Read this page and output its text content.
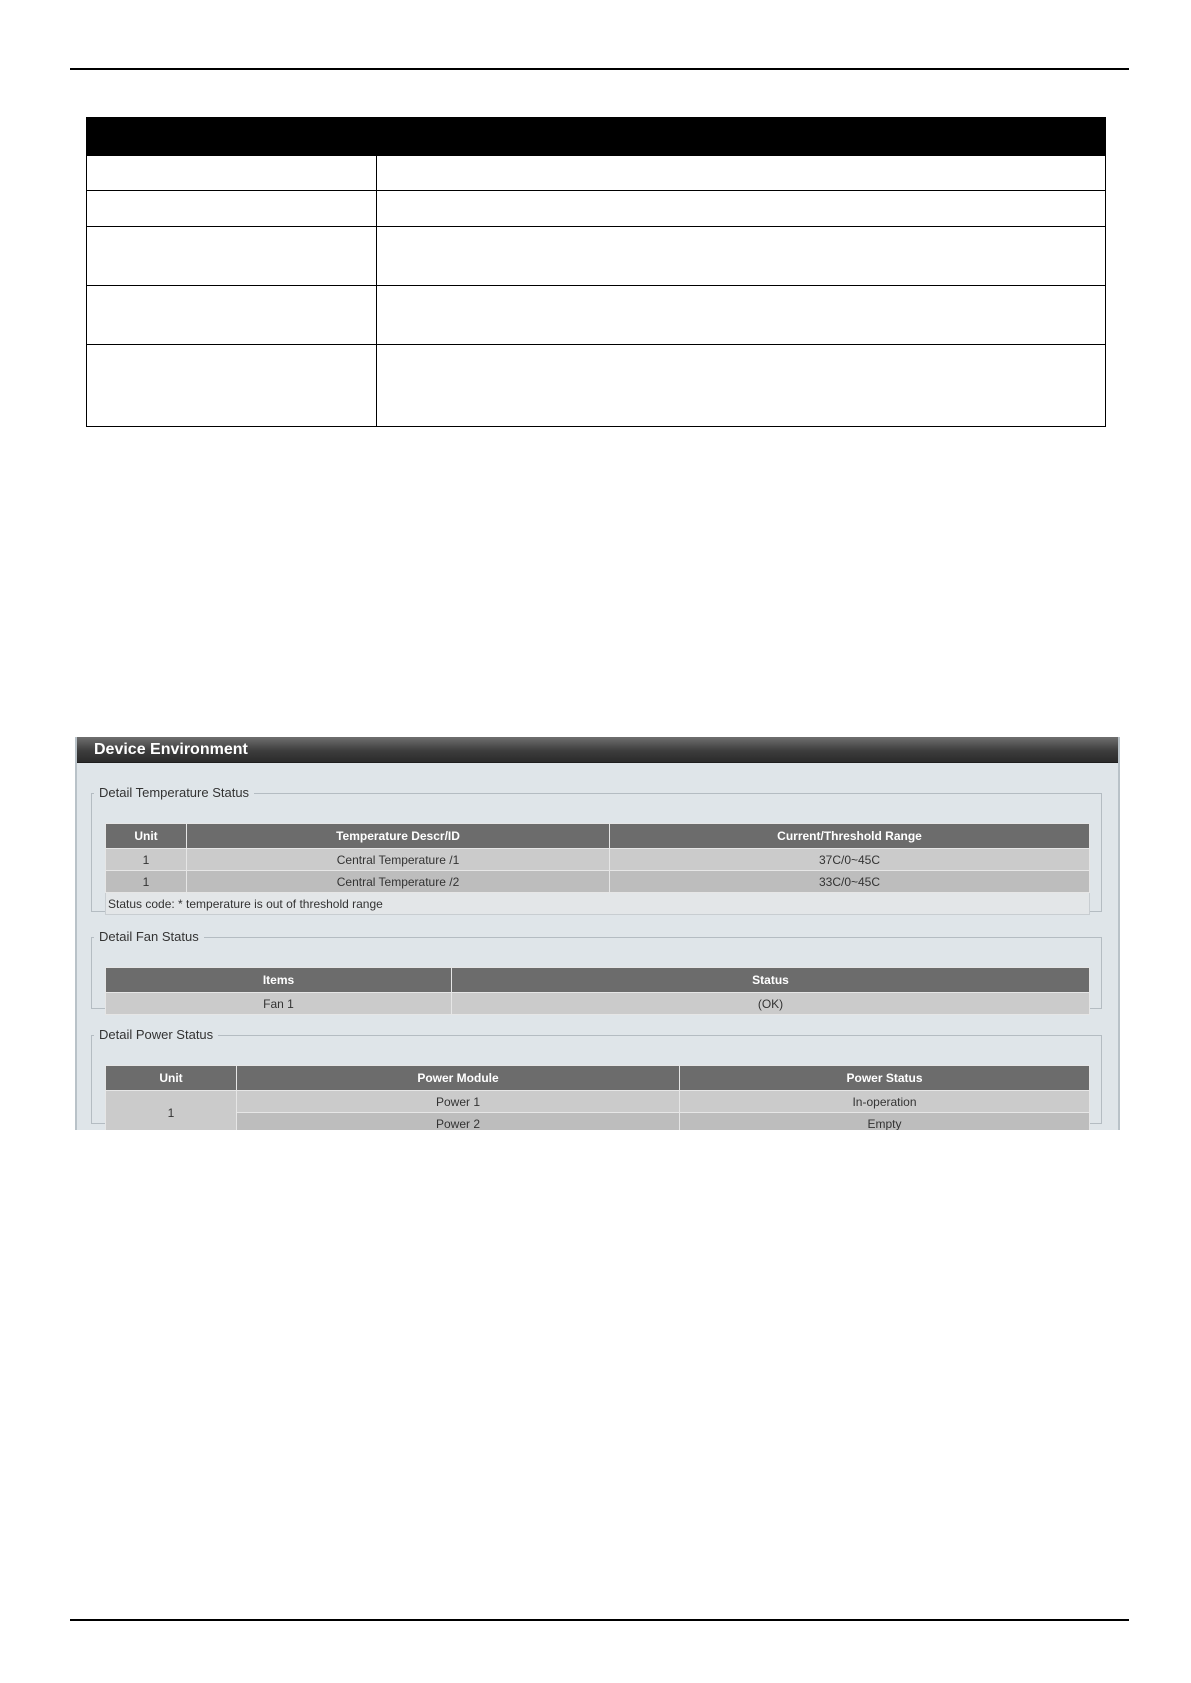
Device Environment
Detail Temperature Status
Unit	Temperature Descr/ID	Current/Threshold Range
1	Central Temperature /1	37C/0~45C
1	Central Temperature /2	33C/0~45C
Status code: * temperature is out of threshold range		
Detail Fan Status
Items	Status
Fan 1	(OK)
Detail Power Status
Unit	Power Module	Power Status
1	Power 1	In-operation
	Power 2	Empty
